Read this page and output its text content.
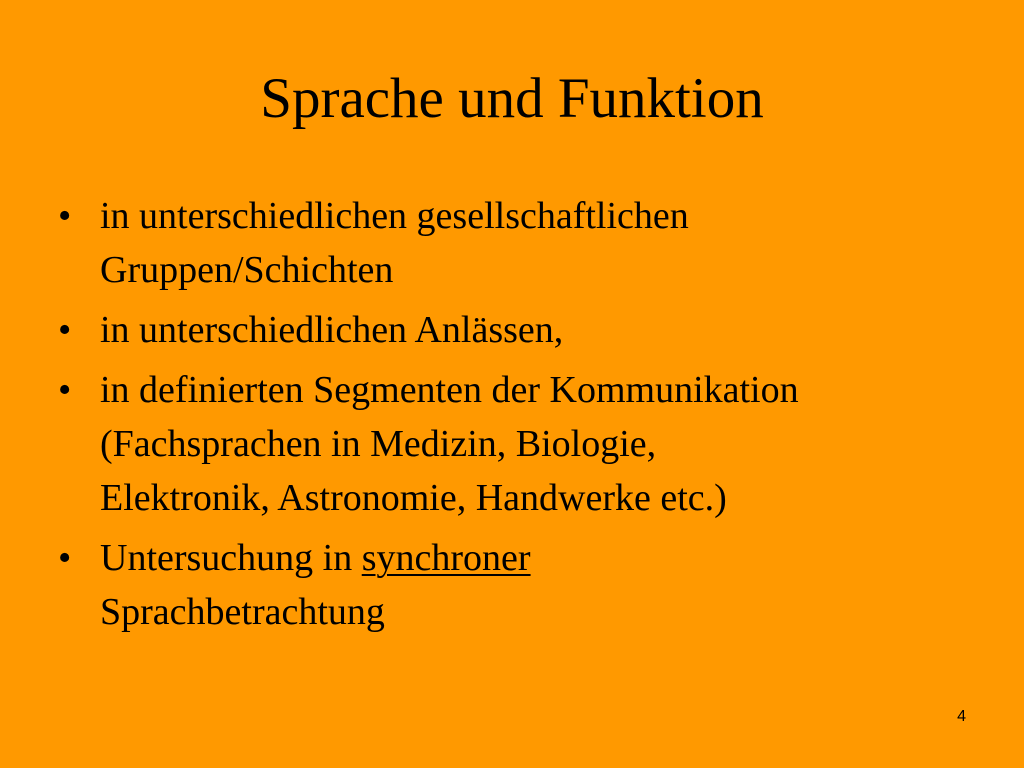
Sprache und Funktion
• in unterschiedlichen gesellschaftlichen
Gruppen/Schichten
• in unterschiedlichen Anlässen,
• in definierten Segmenten der Kommunikation
(Fachsprachen in Medizin, Biologie,
Elektronik, Astronomie, Handwerke etc.)
• Untersuchung in synchroner
Sprachbetrachtung
4
